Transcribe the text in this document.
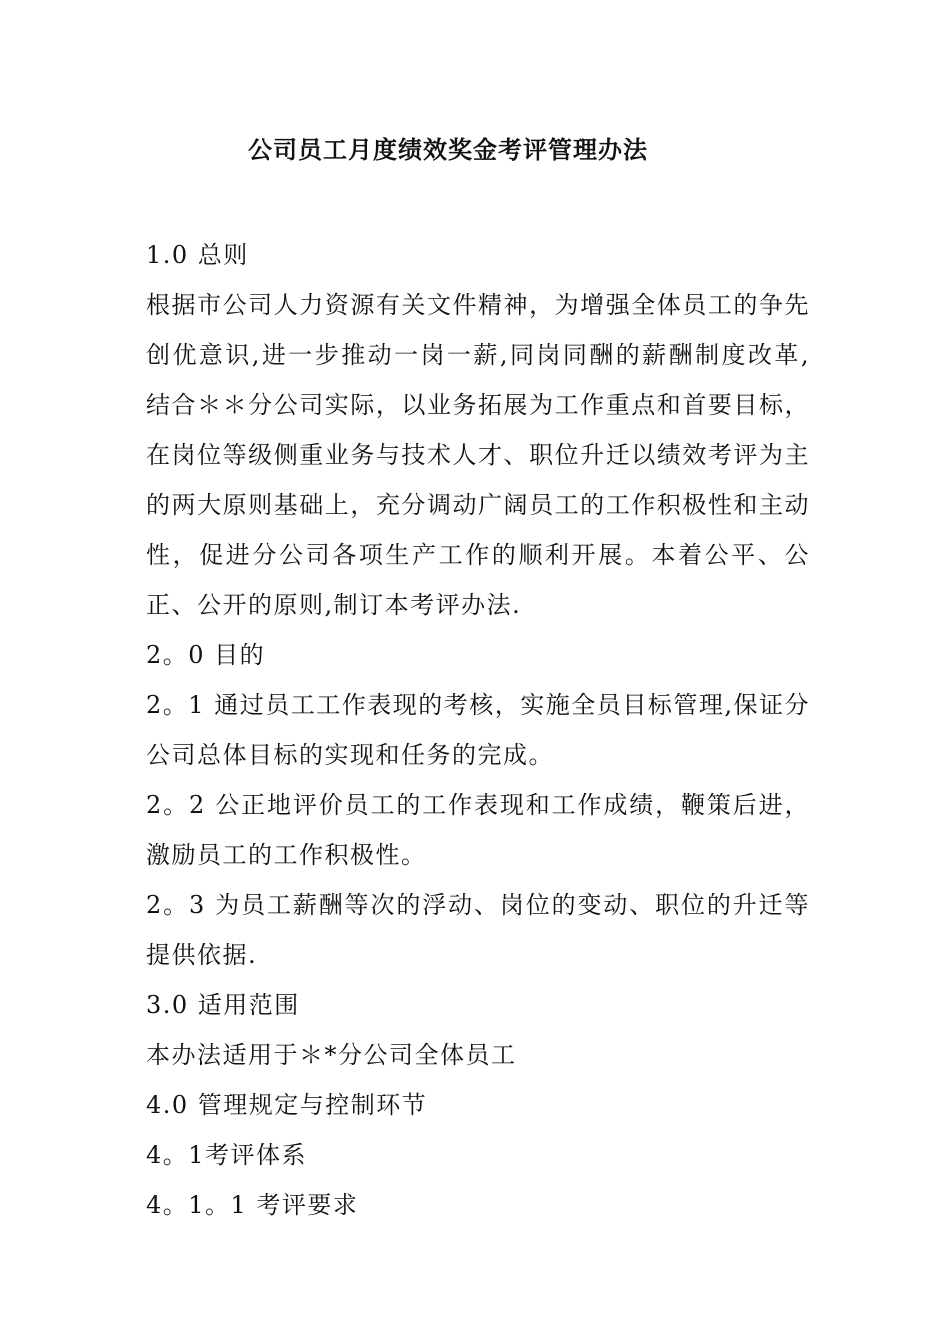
公司员工月度绩效奖金考评管理办法

1.0 总则

根据市公司人力资源有关文件精神，为增强全体员工的争先创优意识,进一步推动一岗一薪,同岗同酬的薪酬制度改革,结合＊＊分公司实际，以业务拓展为工作重点和首要目标，在岗位等级侧重业务与技术人才、职位升迁以绩效考评为主的两大原则基础上，充分调动广阔员工的工作积极性和主动性，促进分公司各项生产工作的顺利开展。本着公平、公正、公开的原则,制订本考评办法.

2。0 目的

2。1 通过员工工作表现的考核，实施全员目标管理,保证分公司总体目标的实现和任务的完成。

2。2 公正地评价员工的工作表现和工作成绩，鞭策后进，激励员工的工作积极性。

2。3 为员工薪酬等次的浮动、岗位的变动、职位的升迁等提供依据.

3.0 适用范围

本办法适用于＊*分公司全体员工

4.0 管理规定与控制环节

4。1考评体系

4。1。1 考评要求
